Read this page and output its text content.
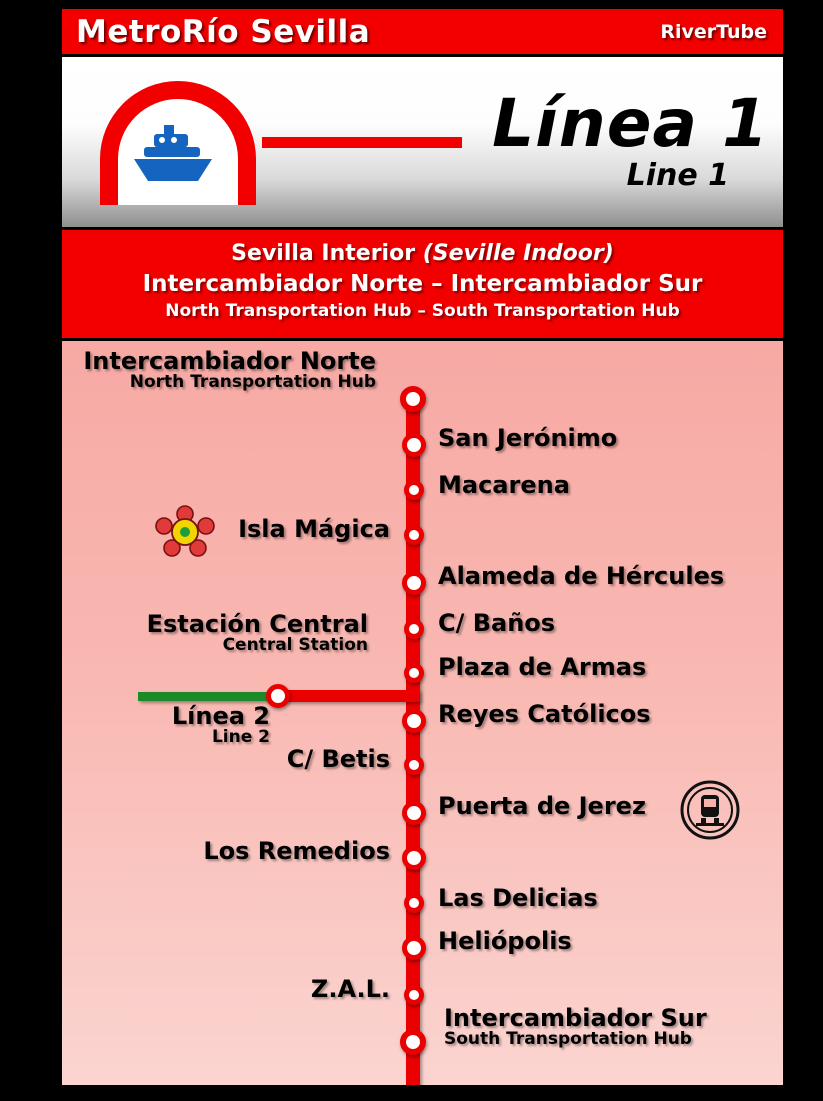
MetroRío Sevilla	RiverTube
Línea 1
Line 1
Sevilla Interior (Seville Indoor)
Intercambiador Norte – Intercambiador Sur
North Transportation Hub – South Transportation Hub
Intercambiador Norte
North Transportation Hub
San Jerónimo
Macarena
Isla Mágica
Alameda de Hércules
C/ Baños
Estación Central
Central Station
Línea 2
Line 2
Plaza de Armas
Reyes Católicos
C/ Betis
Puerta de Jerez
Los Remedios
Las Delicias
Heliópolis
Z.A.L.
Intercambiador Sur
South Transportation Hub
